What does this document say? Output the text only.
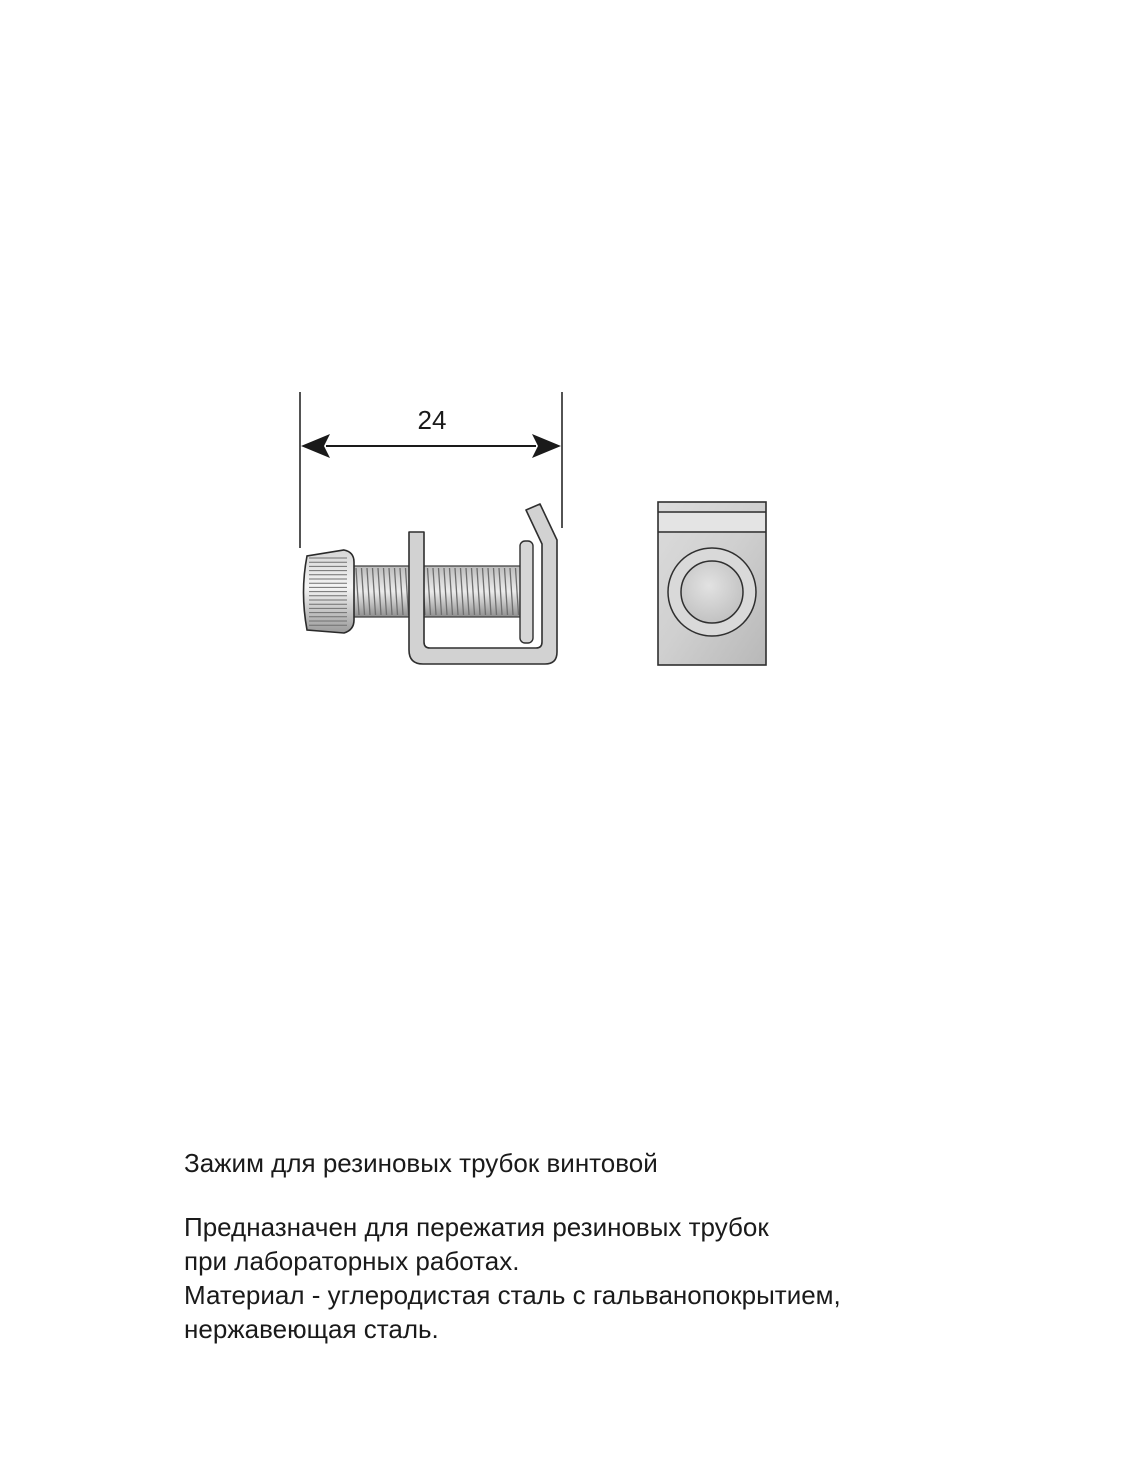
24
Зажим для резиновых трубок винтовой
Предназначен для пережатия резиновых трубок
при лабораторных работах.
Материал - углеродистая сталь с гальванопокрытием,
нержавеющая сталь.
